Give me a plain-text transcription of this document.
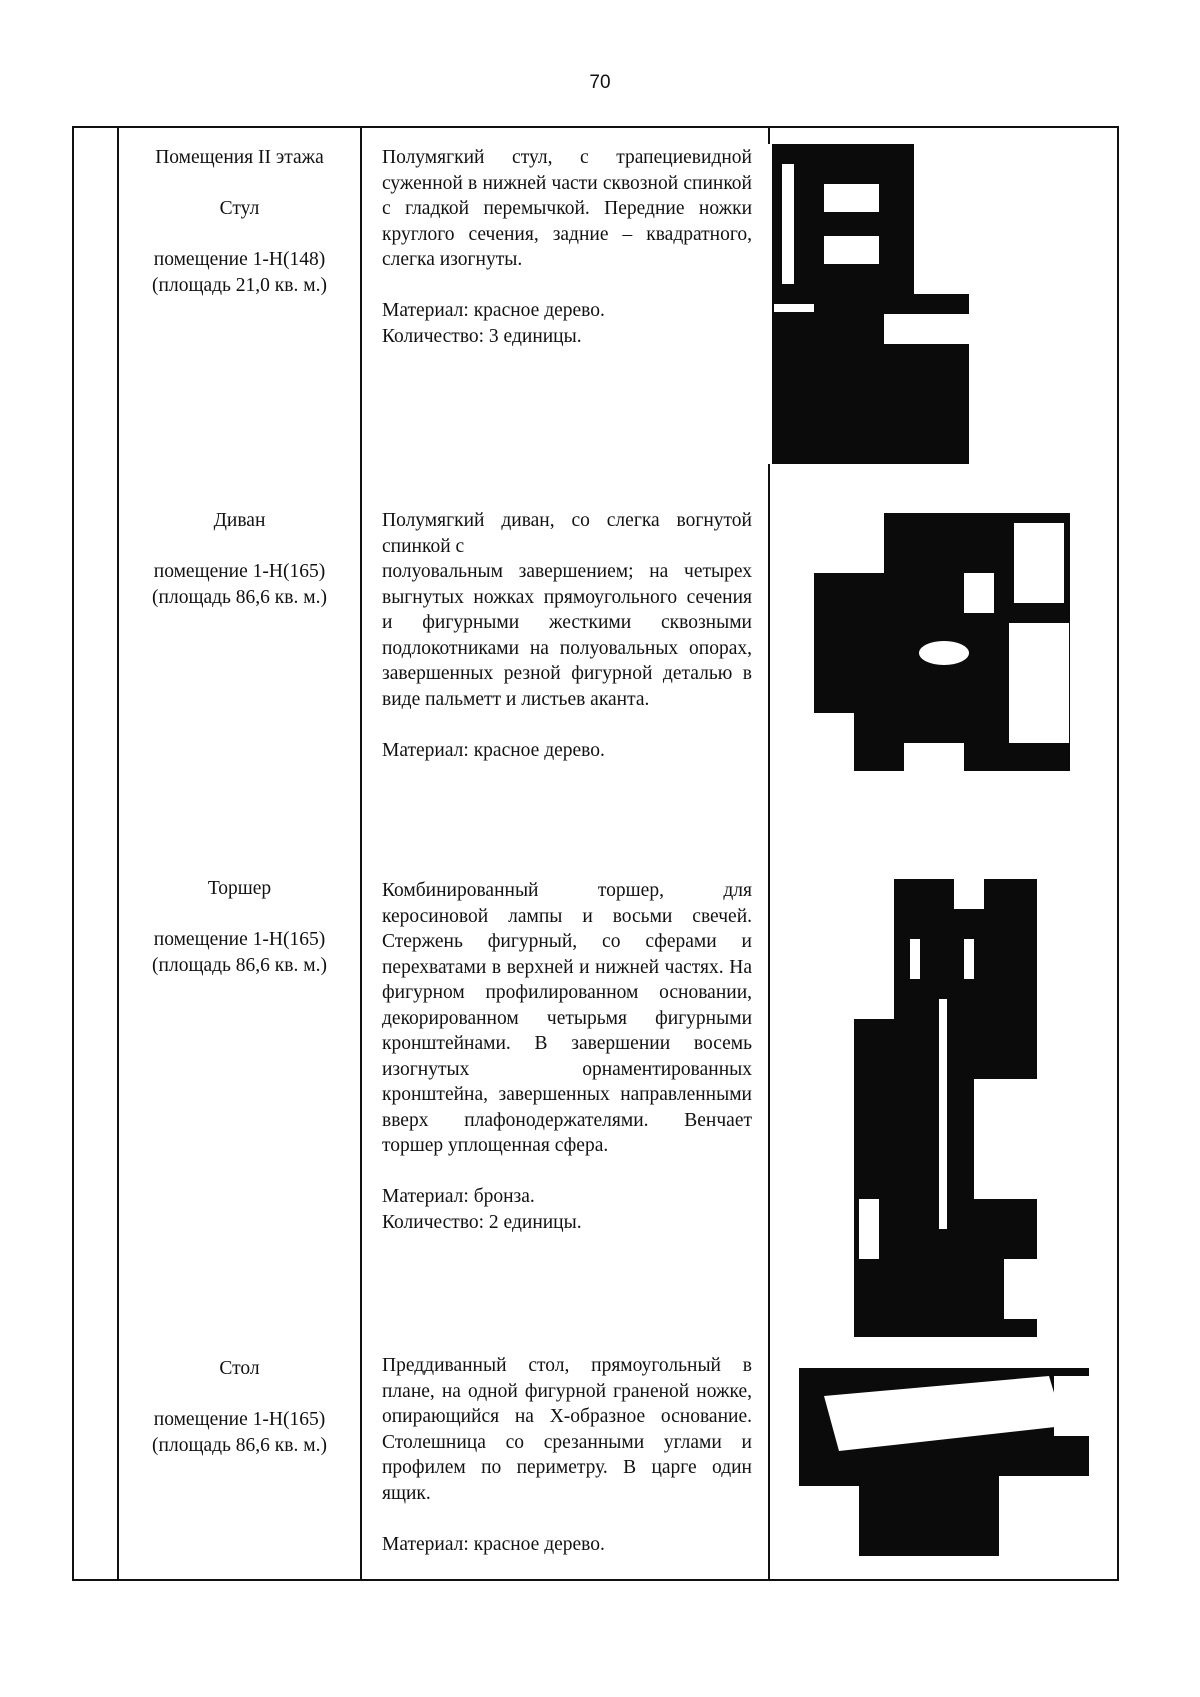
70

Помещения II этажа

Стул

помещение 1-Н(148)
(площадь 21,0 кв. м.)

Полумягкий стул, с трапециевидной суженной в нижней части сквозной спинкой с гладкой перемычкой. Передние ножки круглого сечения, задние – квадратного, слегка изогнуты.

Материал: красное дерево.
Количество: 3 единицы.

Диван

помещение 1-Н(165)
(площадь 86,6 кв. м.)

Полумягкий диван, со слегка вогнутой спинкой с
полуовальным завершением; на четырех выгнутых ножках прямоугольного сечения и фигурными жесткими сквозными подлокотниками на полуовальных опорах, завершенных резной фигурной деталью в виде пальметт и листьев аканта.

Материал: красное дерево.

Торшер

помещение 1-Н(165)
(площадь 86,6 кв. м.)

Комбинированный торшер, для керосиновой лампы и восьми свечей. Стержень фигурный, со сферами и перехватами в верхней и нижней частях. На фигурном профилированном основании, декорированном четырьмя фигурными кронштейнами. В завершении восемь изогнутых орнаментированных кронштейна, завершенных направленными вверх плафонодержателями. Венчает торшер уплощенная сфера.

Материал: бронза.
Количество: 2 единицы.

Стол

помещение 1-Н(165)
(площадь 86,6 кв. м.)

Преддиванный стол, прямоугольный в плане, на одной фигурной граненой ножке, опирающийся на Х-образное основание. Столешница со срезанными углами и профилем по периметру. В царге один ящик.

Материал: красное дерево.
